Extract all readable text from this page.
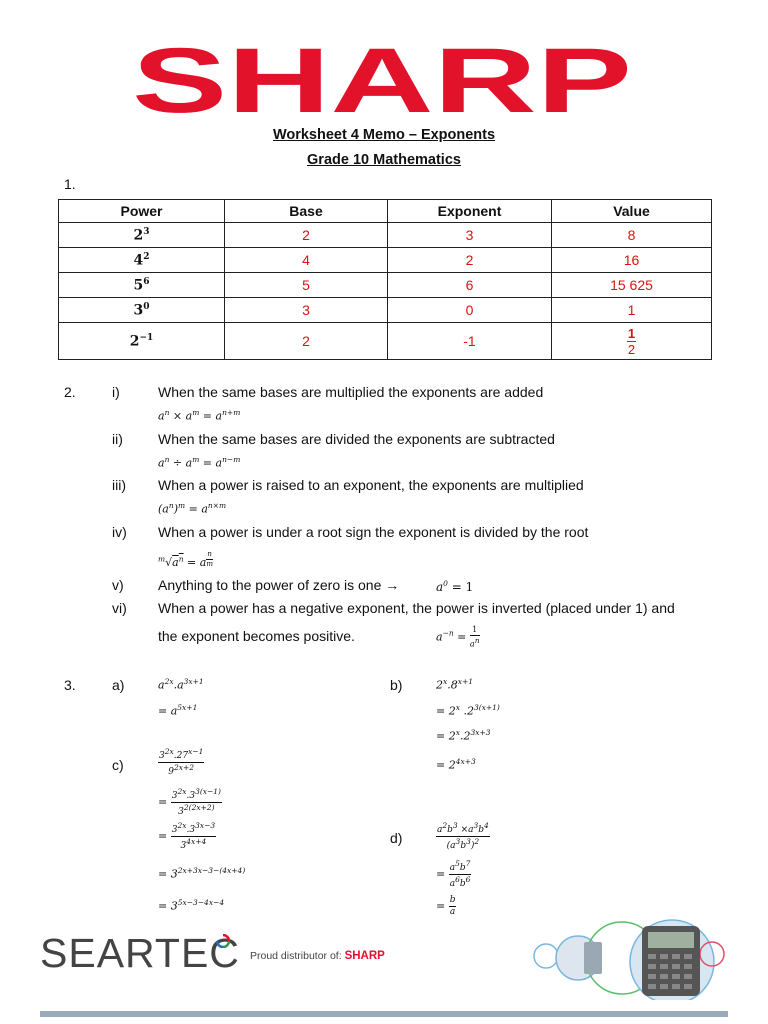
SHARP
Worksheet 4 Memo – Exponents
Grade 10 Mathematics
1.
Power	Base	Exponent	Value
$2^3$	2	3	8
$4^2$	4	2	16
$5^6$	5	6	15 625
$3^0$	3	0	1
$2^{-1}$	2	-1	$\frac{1}{2}$
2.	i)	When the same bases are multiplied the exponents are added
$a^n \times a^m = a^{n+m}$
ii)	When the same bases are divided the exponents are subtracted
$a^n \div a^m = a^{n-m}$
iii) When a power is raised to an exponent, the exponents are multiplied
$(a^n)^m = a^{n\times m}$
iv) When a power is under a root sign the exponent is divided by the root
$^m√a^n = a$ $^{\frac{n}{m}}$
v) Anything to the power of zero is one →	$a^0 = 1$
vi) When a power has a negative exponent, the power is inverted (placed under 1) and
the exponent becomes positive.	$a^{-n} = \frac{1}{a^n}$
3.	a)	$a^{2x}.a^{3x+1}$
= $a^{5x+1}$
b)	$2^x.8^{x+1}$
= $2^x$ $.2^{3(x+1)}$
= $2^x.2^{3x+3}$
= $2^{4x+3}$
c)	$\frac{3^{2x}.27^{x-1}}{9^{2x+2}}$
= $\frac{3^{2x}.3^{3(x-1)}}{3^{2(2x+2)}}$
= $\frac{3^{2x}.3^{3x-3}}{3^{4x+4}}$
= $3^{2x+3x-3-(4x+4)}$
= $3^{5x-3-4x-4}$
d)	$\frac{a^2b^3 \times a^3b^4}{(a^3b^3)^2}$
= $\frac{a^5b^7}{a^6b^6}$
= $\frac{b}{a}$
SEARTEC Proud distributor of: SHARP
